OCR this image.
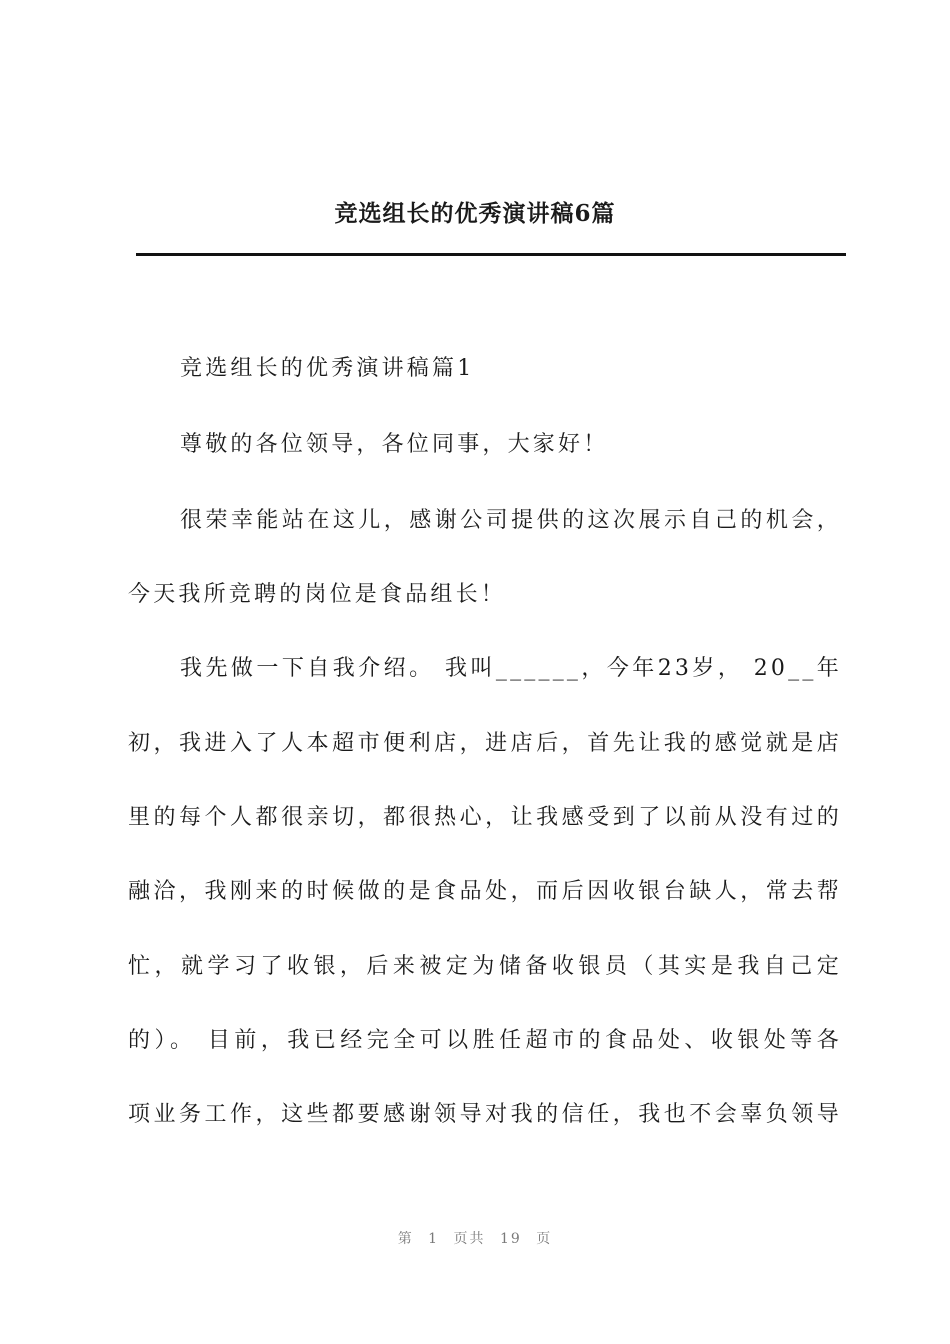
竞选组长的优秀演讲稿6篇

竞选组长的优秀演讲稿篇1

尊敬的各位领导，各位同事，大家好！

很荣幸能站在这儿，感谢公司提供的这次展示自己的机会，

今天我所竞聘的岗位是食品组长！

我先做一下自我介绍。 我叫______，今年23岁， 20__年

初，我进入了人本超市便利店，进店后，首先让我的感觉就是店

里的每个人都很亲切，都很热心，让我感受到了以前从没有过的

融洽，我刚来的时候做的是食品处，而后因收银台缺人，常去帮

忙，就学习了收银，后来被定为储备收银员（其实是我自己定

的）。 目前，我已经完全可以胜任超市的食品处、收银处等各

项业务工作，这些都要感谢领导对我的信任，我也不会辜负领导

第 1 页共 19 页
